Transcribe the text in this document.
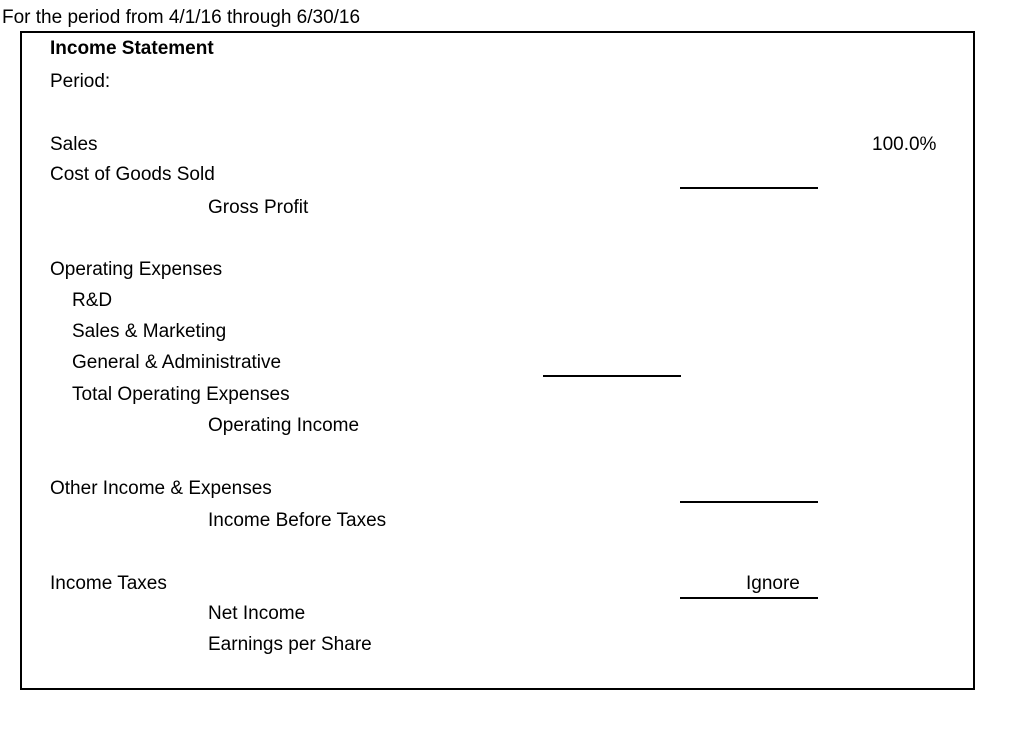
For the period from 4/1/16 through 6/30/16
Income Statement
Period:
Sales	100.0%
Cost of Goods Sold
Gross Profit
Operating Expenses
R&D
Sales & Marketing
General & Administrative
Total Operating Expenses
Operating Income
Other Income & Expenses
Income Before Taxes
Income Taxes	Ignore
Net Income
Earnings per Share
